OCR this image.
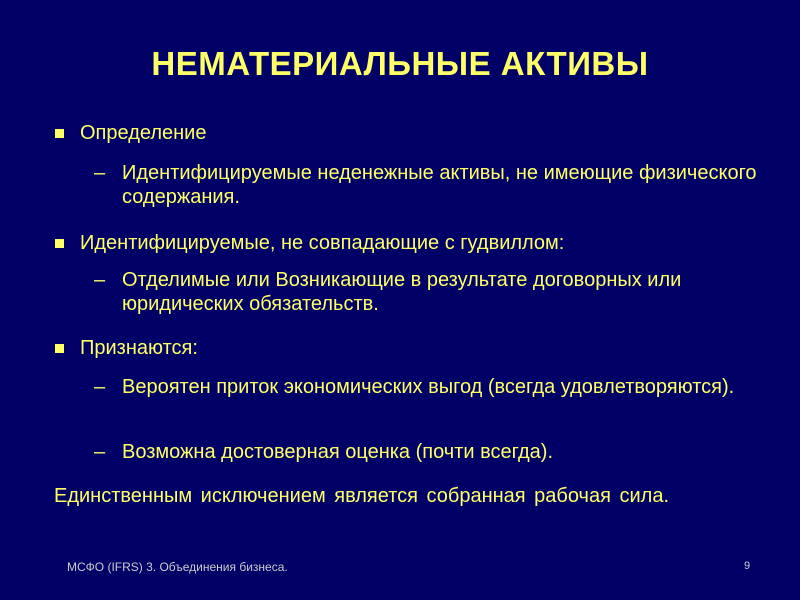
НЕМАТЕРИАЛЬНЫЕ АКТИВЫ
Определение
– Идентифицируемые неденежные активы, не имеющие физического содержания.
Идентифицируемые, не совпадающие с гудвиллом:
– Отделимые или Возникающие в результате договорных или юридических обязательств.
Признаются:
– Вероятен приток экономических выгод (всегда удовлетворяются).
– Возможна достоверная оценка (почти всегда).
Единственным исключением является собранная рабочая сила.
МСФО (IFRS) 3. Объединения бизнеса.	9
